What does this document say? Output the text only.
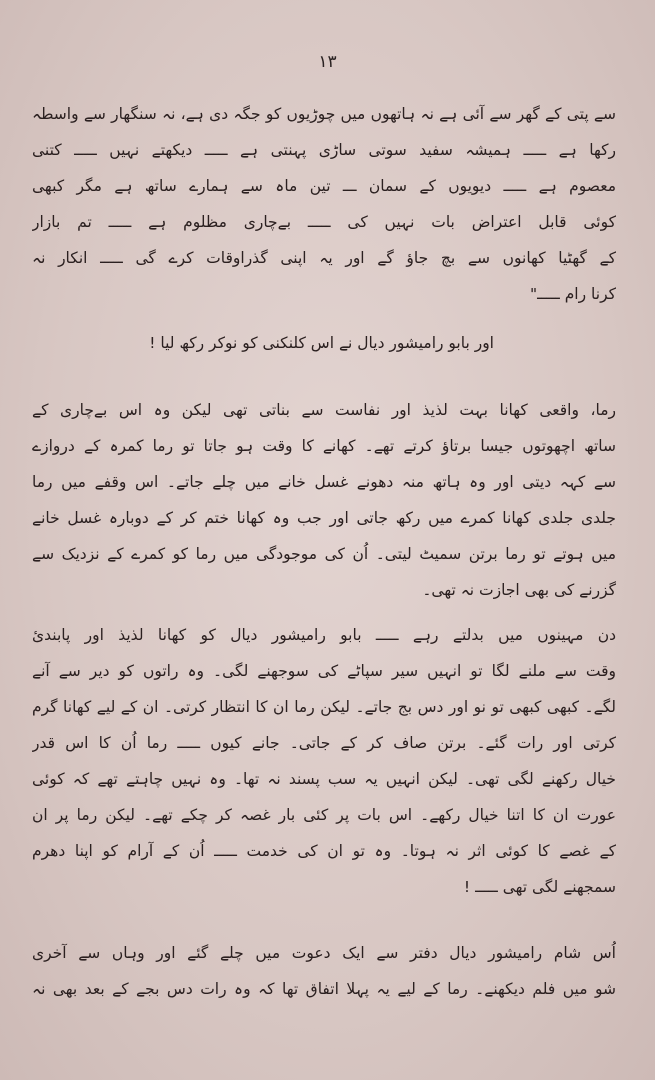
۱۳
سے پتی کے گھر سے آئی ہے نہ ہاتھوں میں چوڑیوں کو جگہ دی ہے، نہ سنگھار سے واسطہ
رکھا ہے ـــــ ہمیشہ سفید سوتی ساڑی پہنتی ہے ـــــ دیکھتے نہیں ـــــ کتنی
معصوم ہے ـــــ دیویوں کے سمان ـــ تین ماہ سے ہمارے ساتھ ہے مگر کبھی
کوئی قابل اعتراض بات نہیں کی ـــــ بےچاری مظلوم ہے ـــــ تم بازار
کے گھٹیا کھانوں سے بچ جاؤ گے اور یہ اپنی گذراوقات کرے گی ـــــ انکار نہ
کرنا رام ـــــ"
اور بابو رامیشور دیال نے اس کلنکنی کو نوکر رکھ لیا !
رما، واقعی کھانا بہت لذیذ اور نفاست سے بناتی تھی لیکن وہ اس بےچاری کے
ساتھ اچھوتوں جیسا برتاؤ کرتے تھے۔ کھانے کا وقت ہو جاتا تو رما کمرہ کے دروازے
سے کہہ دیتی اور وہ ہاتھ منہ دھونے غسل خانے میں چلے جاتے۔ اس وقفے میں رما
جلدی جلدی کھانا کمرے میں رکھ جاتی اور جب وہ کھانا ختم کر کے دوبارہ غسل خانے
میں ہوتے تو رما برتن سمیٹ لیتی۔ اُن کی موجودگی میں رما کو کمرے کے نزدیک سے
گزرنے کی بھی اجازت نہ تھی۔
دن مہینوں میں بدلتے رہے ـــــ بابو رامیشور دیال کو کھانا لذیذ اور پابندئ
وقت سے ملنے لگا تو انہیں سیر سپاٹے کی سوجھنے لگی۔ وہ راتوں کو دیر سے آنے
لگے۔ کبھی کبھی تو نو اور دس بج جاتے۔ لیکن رما ان کا انتظار کرتی۔ ان کے لیے کھانا گرم
کرتی اور رات گئے۔ برتن صاف کر کے جاتی۔ جانے کیوں ـــــ رما اُن کا اس قدر
خیال رکھنے لگی تھی۔ لیکن انہیں یہ سب پسند نہ تھا۔ وہ نہیں چاہتے تھے کہ کوئی
عورت ان کا اتنا خیال رکھے۔ اس بات پر کئی بار غصہ کر چکے تھے۔ لیکن رما پر ان
کے غصے کا کوئی اثر نہ ہوتا۔ وہ تو ان کی خدمت ـــــ اُن کے آرام کو اپنا دھرم
سمجھنے لگی تھی ـــــ !
اُس شام رامیشور دیال دفتر سے ایک دعوت میں چلے گئے اور وہاں سے آخری
شو میں فلم دیکھنے۔ رما کے لیے یہ پہلا اتفاق تھا کہ وہ رات دس بجے کے بعد بھی نہ
